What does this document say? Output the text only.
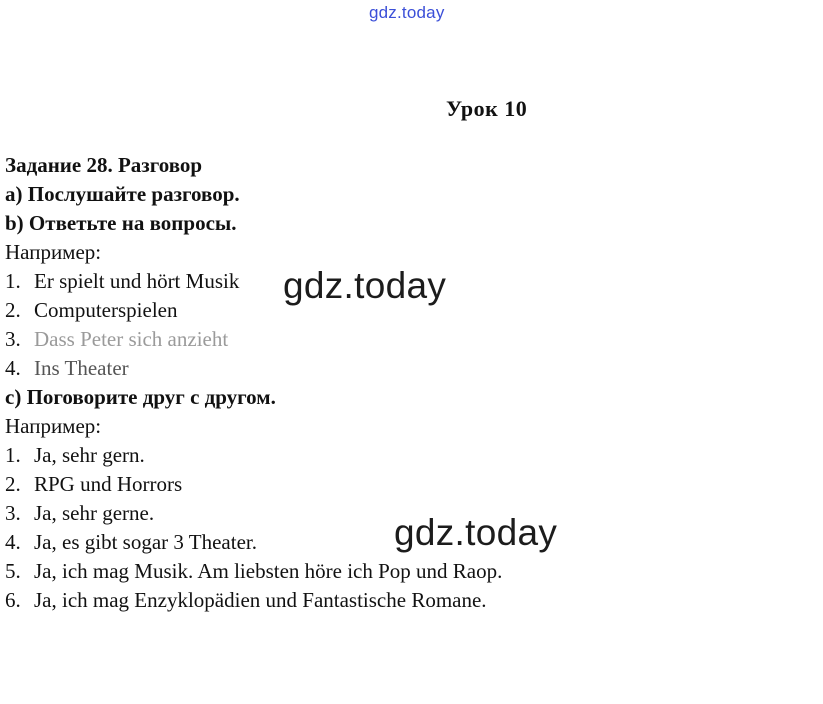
gdz.today
Урок 10
Задание 28. Разговор
a) Послушайте разговор.
b) Ответьте на вопросы.
Например:
1. Er spielt und hört Musik
2. Computerspielen
3. Dass Peter sich anzieht
4. Ins Theater
c) Поговорите друг с другом.
Например:
1. Ja, sehr gern.
2. RPG und Horrors
3. Ja, sehr gerne.
4. Ja, es gibt sogar 3 Theater.
5. Ja, ich mag Musik. Am liebsten höre ich Pop und Raop.
6. Ja, ich mag Enzyklopädien und Fantastische Romane.
gdz.today
gdz.today
